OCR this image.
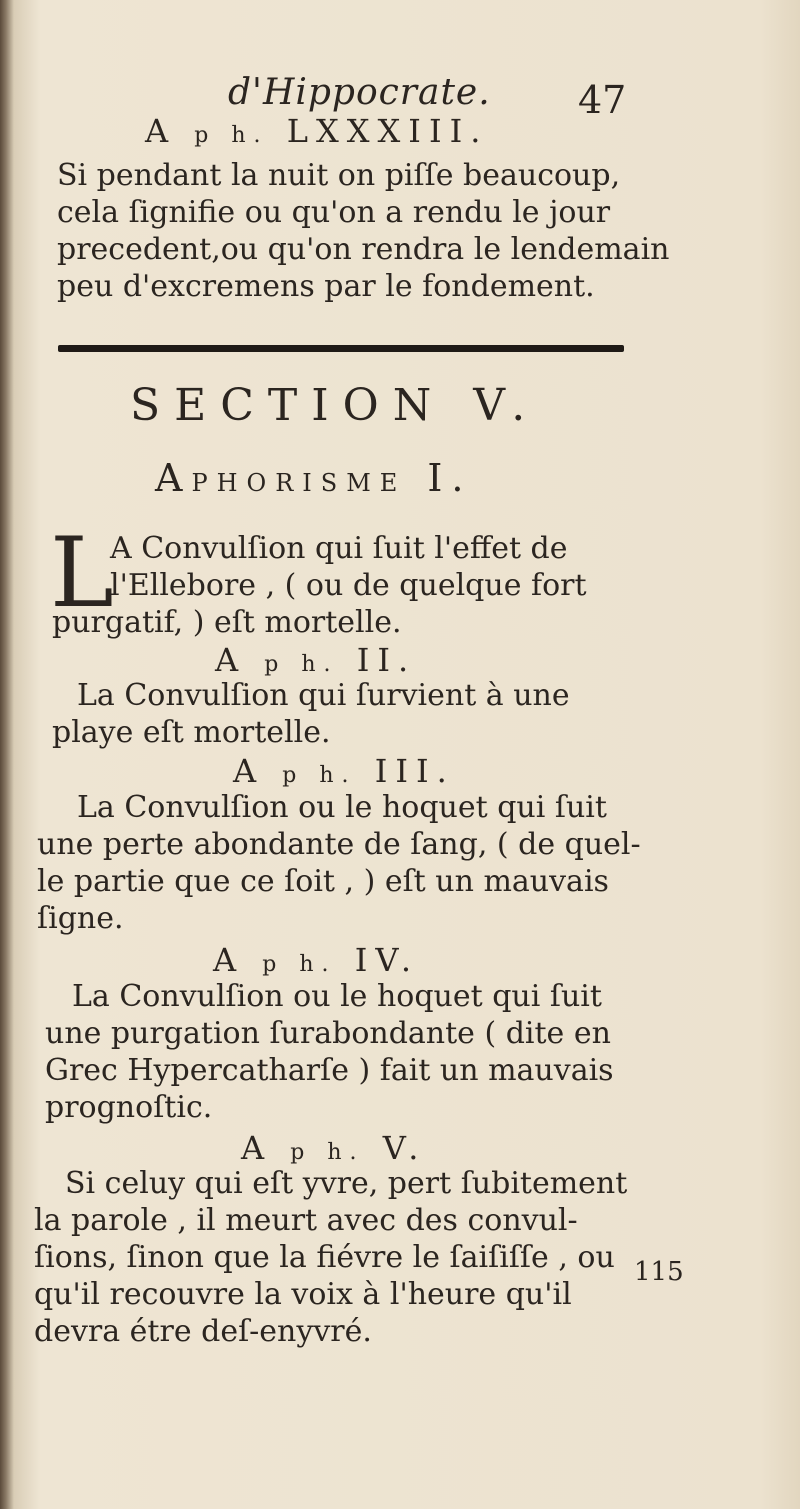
d'Hippocrate. 47
A p h. LXXXIII.
Si pendant la nuit on piſſe beaucoup,
cela ſignifie ou qu'on a rendu le jour
precedent,ou qu'on rendra le lendemain
peu d'excremens par le fondement.
SECTION V.
APHORISME I.
L
A Convulſion qui ſuit l'effet de
l'Ellebore , ( ou de quelque fort
purgatif, ) eſt mortelle.
A p h. II.
La Convulſion qui ſurvient à une
playe eſt mortelle.
A p h. III.
La Convulſion ou le hoquet qui ſuit
une perte abondante de ſang, ( de quel-
le partie que ce ſoit , ) eſt un mauvais
ſigne.
A p h. IV.
La Convulſion ou le hoquet qui ſuit
une purgation ſurabondante ( dite en
Grec Hypercatharſe ) fait un mauvais
prognoſtic.
A p h. V.
Si celuy qui eſt yvre, pert ſubitement
la parole , il meurt avec des convul-
ſions, ſinon que la fiévre le ſaiſiſſe , ou
qu'il recouvre la voix à l'heure qu'il
devra étre deſ-enyvré.
115
